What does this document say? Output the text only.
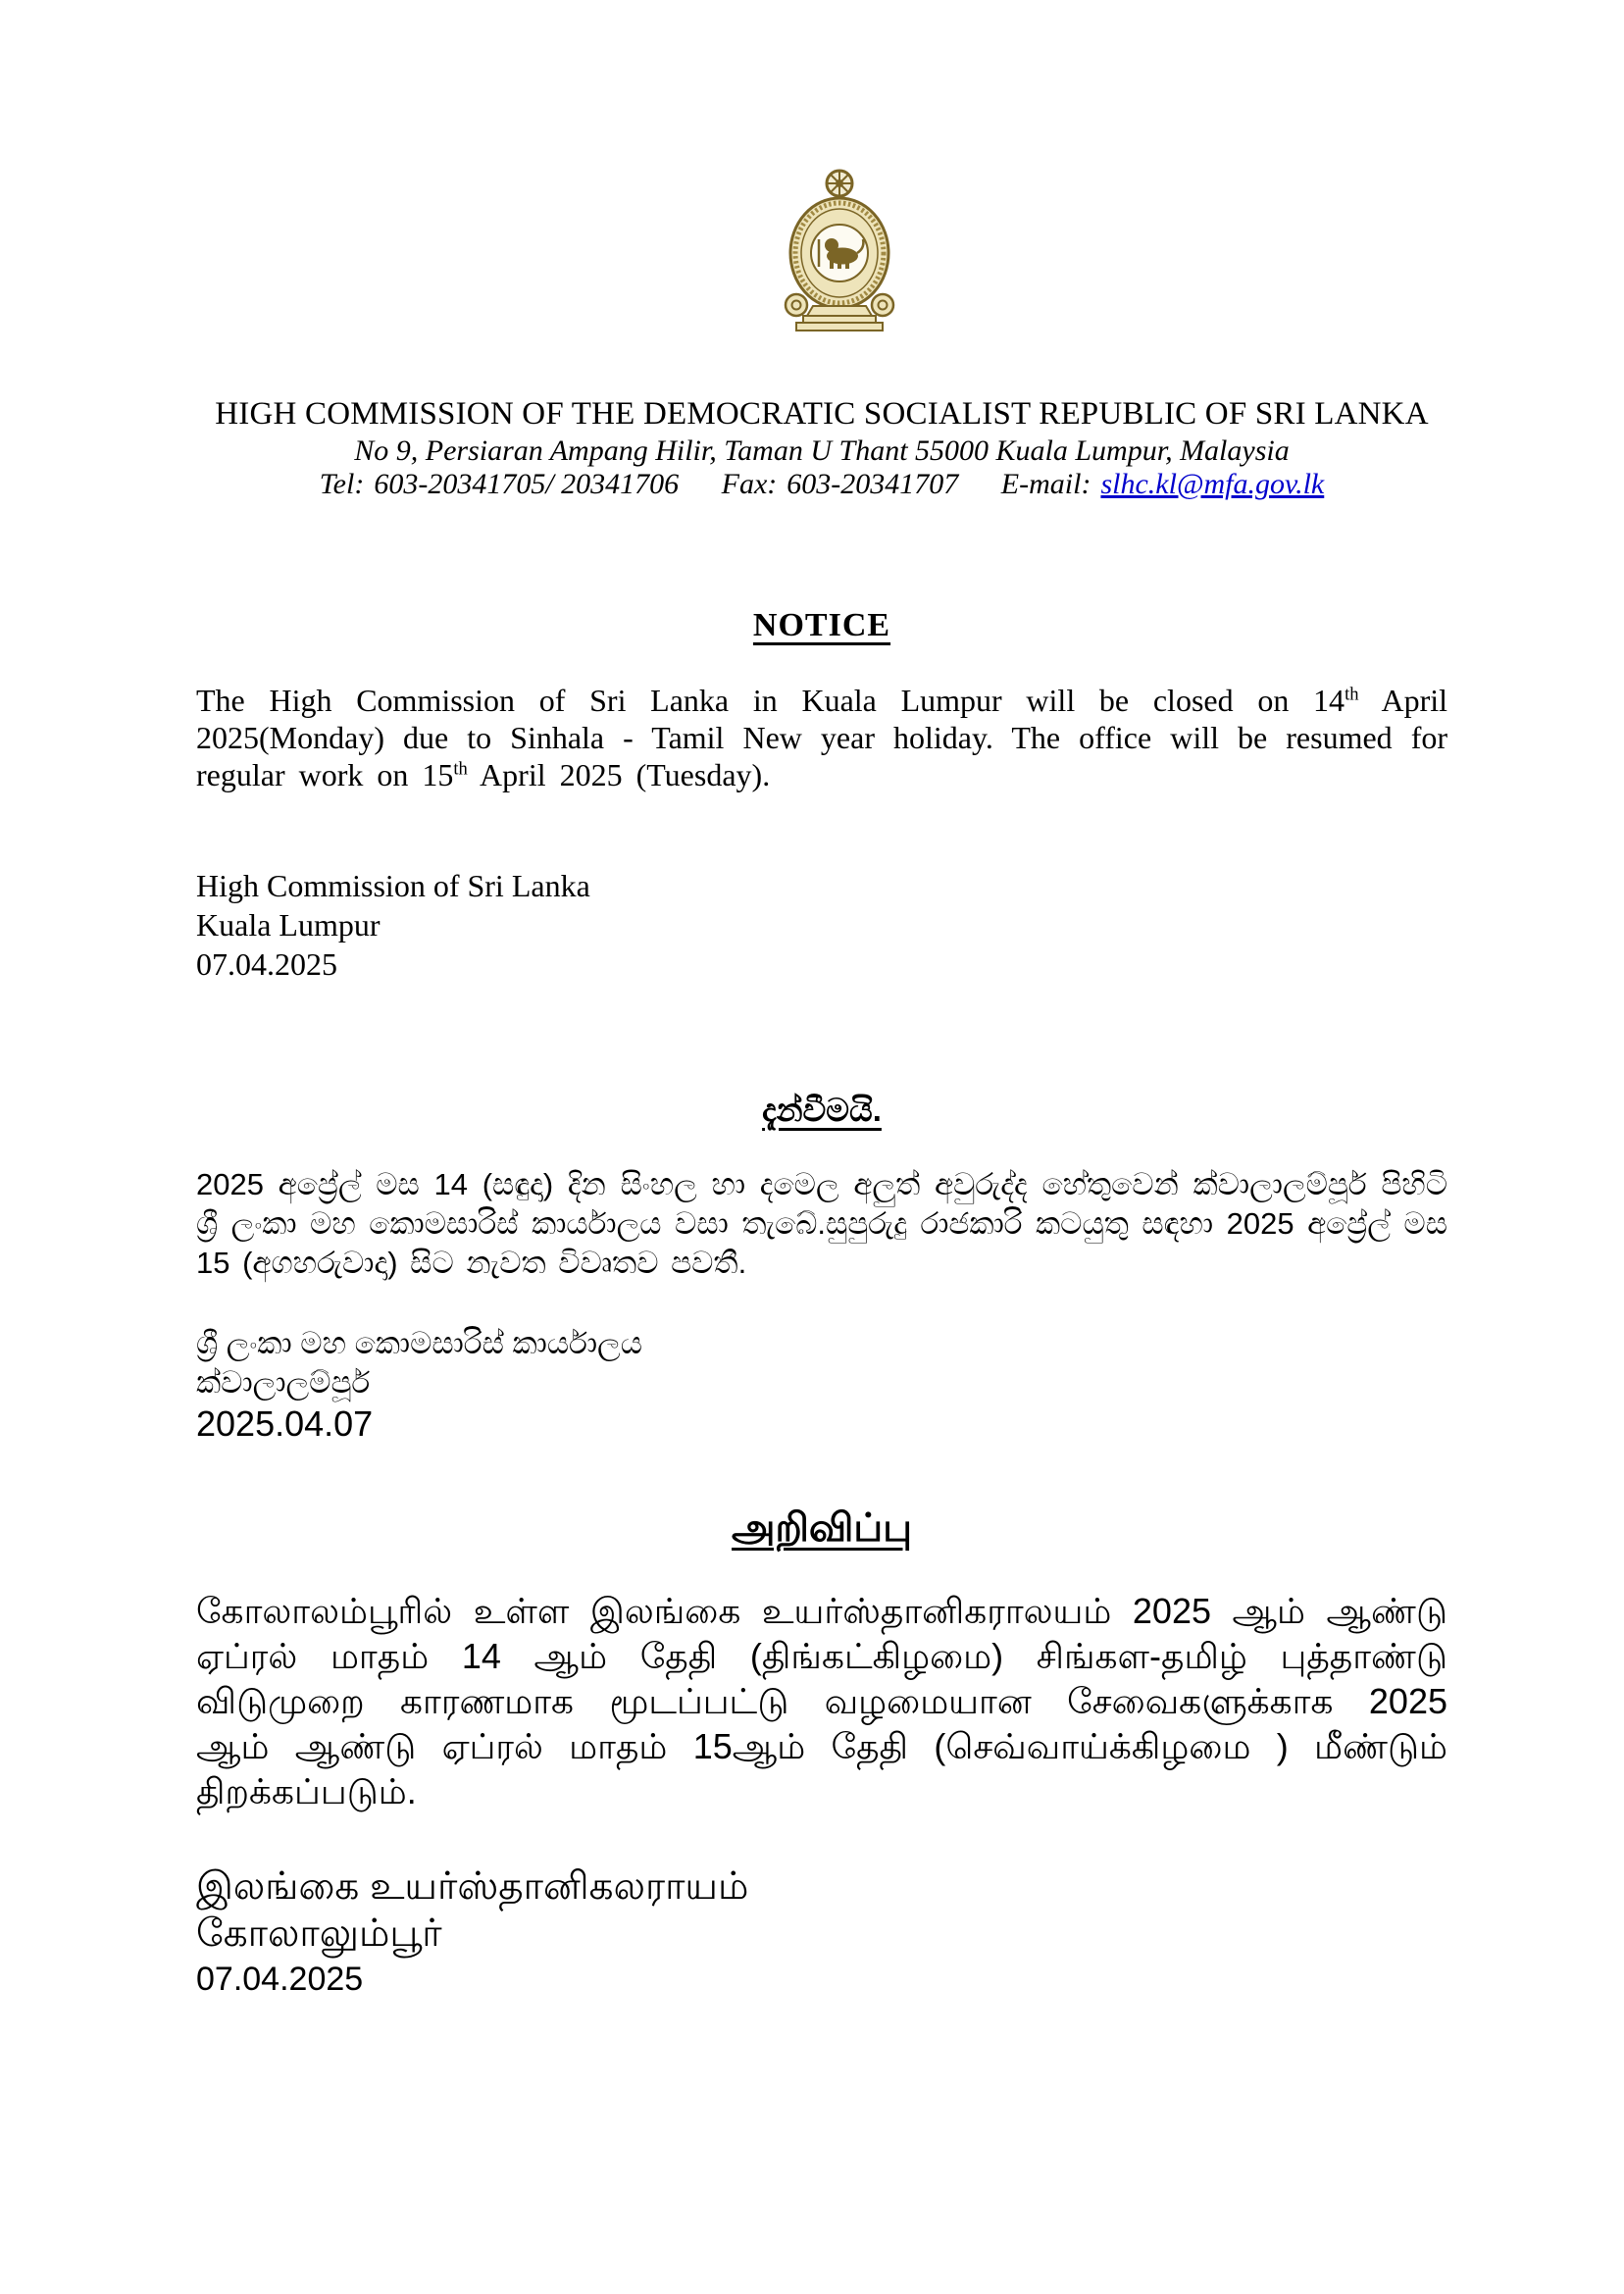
HIGH COMMISSION OF THE DEMOCRATIC SOCIALIST REPUBLIC OF SRI LANKA
No 9, Persiaran Ampang Hilir, Taman U Thant 55000 Kuala Lumpur, Malaysia
Tel: 603-20341705/ 20341706 Fax: 603-20341707 E-mail: slhc.kl@mfa.gov.lk
NOTICE

The High Commission of Sri Lanka in Kuala Lumpur will be closed on 14th April 2025(Monday) due to Sinhala - Tamil New year holiday. The office will be resumed for regular work on 15th April 2025 (Tuesday).

High Commission of Sri Lanka
Kuala Lumpur
07.04.2025
දැන්වීමයි.

2025 අප්‍රේල් මස 14 (සඳුදා) දින සිංහල හා දමෙල අලුත් අවුරුද්ද හේතුවෙන් ක්වාලාලම්පූර් පිහිටි ශ්‍රී ලංකා මහ කොමසාරිස් කාර්යාලය වසා තැබේ.සුපුරුදු රාජකාරි කටයුතු සඳහා 2025 අප්‍රේල් මස 15 (අගහරුවාදා) සිට නැවත විවෘතව පවතී.

ශ්‍රී ලංකා මහ කොමසාරිස් කාර්යාලය
ක්වාලාලම්පූර්
2025.04.07
அறிவிப்பு

கோலாலம்பூரில் உள்ள இலங்கை உயர்ஸ்தானிகராலயம் 2025 ஆம் ஆண்டு ஏப்ரல் மாதம் 14 ஆம் தேதி (திங்கட்கிழமை) சிங்கள-தமிழ் புத்தாண்டு விடுமுறை காரணமாக மூடப்பட்டு வழமையான சேவைகளுக்காக 2025 ஆம் ஆண்டு ஏப்ரல் மாதம் 15ஆம் தேதி (செவ்வாய்க்கிழமை ) மீண்டும் திறக்கப்படும்.

இலங்கை உயர்ஸ்தானிகலராயம்
கோலாலும்பூர்
07.04.2025
